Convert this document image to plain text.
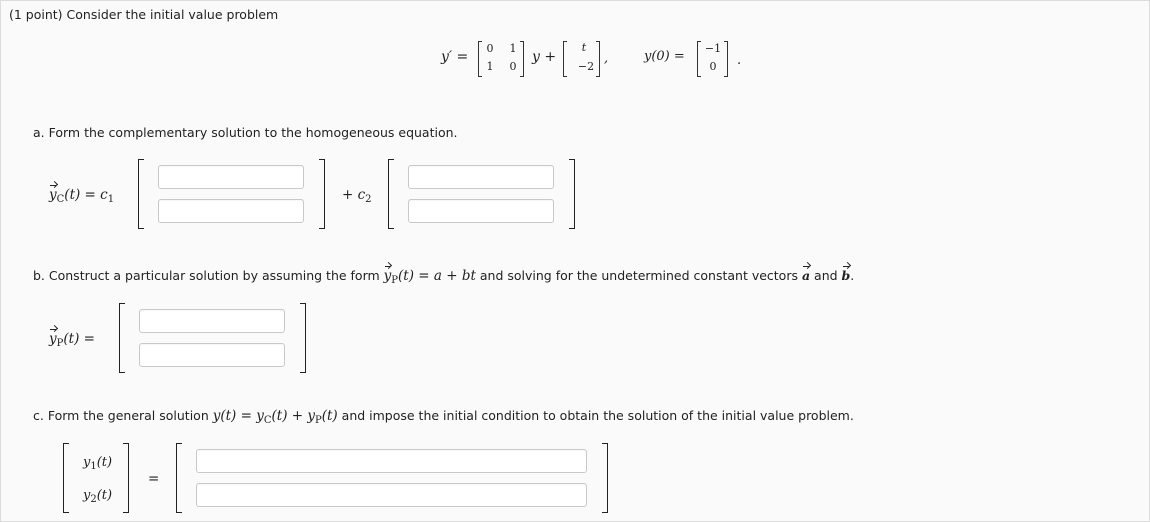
(1 point) Consider the initial value problem
y′ =
0	1
1	0
y +
t
−2
,	y(0) =
−1
0	.
a. Form the complementary solution to the homogeneous equation.
$y_C(t) = c_1$	+ $c_2$
b. Construct a particular solution by assuming the form $y_P(t) = a$ + bt and solving for the undetermined constant vectors a and b.
$y_P(t)$ =
c. Form the general solution $y(t) = y_C(t) + y_P(t)$ and impose the initial condition to obtain the solution of the initial value problem.
$y_1(t)$
$y_2(t)$
=
